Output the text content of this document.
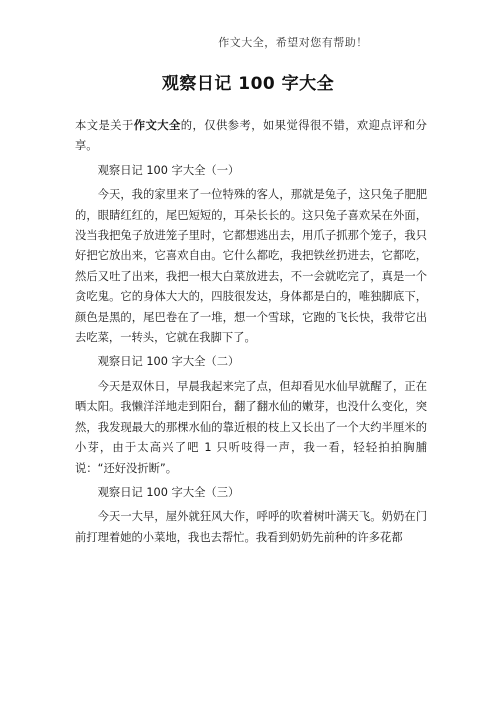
作文大全，希望对您有帮助！
观察日记 100 字大全

本文是关于作文大全的，仅供参考，如果觉得很不错，欢迎点评和分享。

观察日记 100 字大全（一）

今天，我的家里来了一位特殊的客人，那就是兔子，这只兔子肥肥的，眼睛红红的，尾巴短短的，耳朵长长的。这只兔子喜欢呆在外面，没当我把兔子放进笼子里时，它都想逃出去，用爪子抓那个笼子，我只好把它放出来，它喜欢自由。它什么都吃，我把铁丝扔进去，它都吃，然后又吐了出来，我把一根大白菜放进去，不一会就吃完了，真是一个贪吃鬼。它的身体大大的，四肢很发达，身体都是白的，唯独脚底下，颜色是黑的，尾巴卷在了一堆，想一个雪球，它跑的飞长快，我带它出去吃菜，一转头，它就在我脚下了。

观察日记 100 字大全（二）

今天是双休日，早晨我起来完了点，但却看见水仙早就醒了，正在晒太阳。我懒洋洋地走到阳台，翻了翻水仙的嫩芽，也没什么变化，突然，我发现最大的那棵水仙的靠近根的枝上又长出了一个大约半厘米的小芽，由于太高兴了吧 1 只听吱得一声，我一看，轻轻拍拍胸脯说：“还好没折断”。

观察日记 100 字大全（三）

今天一大早，屋外就狂风大作，呼呼的吹着树叶满天飞。奶奶在门前打理着她的小菜地，我也去帮忙。我看到奶奶先前种的许多花都
